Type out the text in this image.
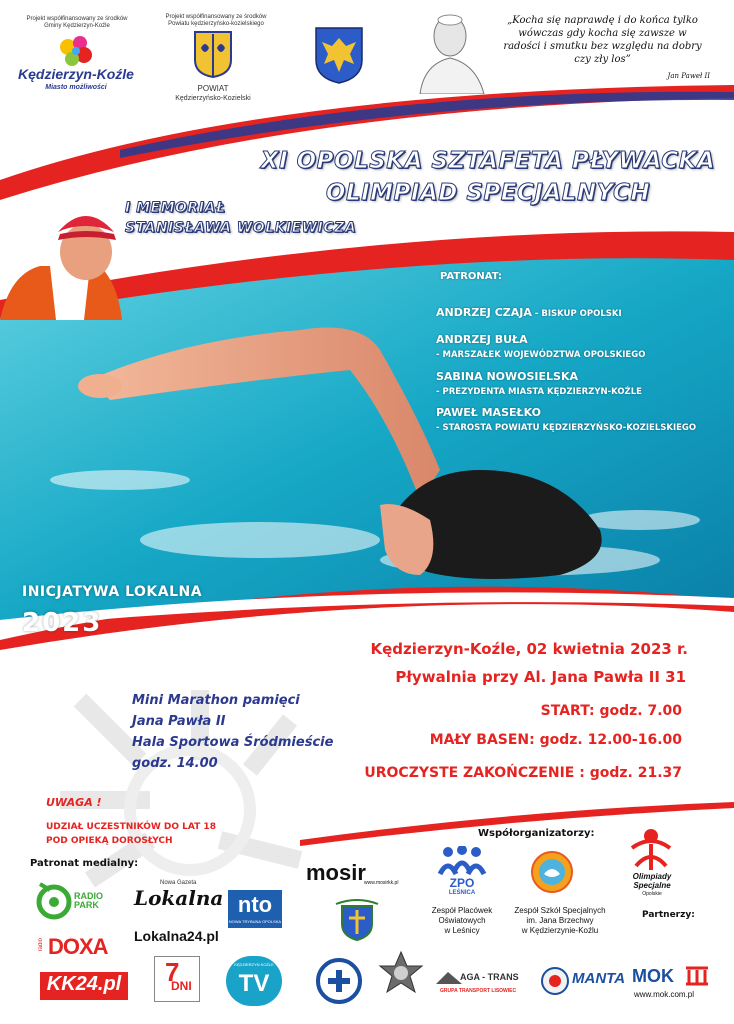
Projekt współfinansowany ze środków Gminy Kędzierzyn-Koźle
Kędzierzyn-Koźle
Miasto możliwości
Projekt współfinansowany ze środków Powiatu kędzierzyńsko-kozielskiego
POWIAT
Kędzierzyńsko-Kozielski
„Kocha się naprawdę i do końca tylko wówczas gdy kocha się zawsze w radości i smutku bez względu na dobry czy zły los”
Jan Paweł II
XI OPOLSKA SZTAFETA PŁYWACKA
OLIMPIAD SPECJALNYCH
I MEMORIAŁ
STANISŁAWA WOLKIEWICZA
PATRONAT:
ANDRZEJ CZAJA - BISKUP OPOLSKI
ANDRZEJ BUŁA
- MARSZAŁEK WOJEWÓDZTWA OPOLSKIEGO
SABINA NOWOSIELSKA
- PREZYDENTA MIASTA KĘDZIERZYN-KOŹLE
PAWEŁ MASEŁKO
- STAROSTA POWIATU KĘDZIERZYŃSKO-KOZIELSKIEGO
INICJATYWA LOKALNA
2023
Kędzierzyn-Koźle, 02 kwietnia 2023 r.
Pływalnia przy Al. Jana Pawła II 31
START: godz. 7.00
MAŁY BASEN: godz. 12.00-16.00
UROCZYSTE ZAKOŃCZENIE : godz. 21.37
Mini Marathon pamięci
Jana Pawła II
Hala Sportowa Śródmieście
godz. 14.00
UWAGA !
UDZIAŁ UCZESTNIKÓW DO LAT 18
POD OPIEKĄ DOROSŁYCH
Patronat medialny:
RADIO PARK
Nowa Gazeta
Lokalna nto
NOWA TRYBUNA OPOLSKA
radio DOXA Lokalna24.pl
KK24.pl 7
DNI
KĘDZIERZYN KOŹLE
TV
Współorganizatorzy:
mosir
www.mosirkk.pl	ZPO
LEŚNICA
Zespół Placówek
Oświatowych
w Leśnicy
Zespół Szkół Specjalnych
im. Jana Brzechwy
w Kędzierzynie-Koźlu
Olimpiady
Specjalne
Opolskie
Partnerzy:
AGA - TRANS
GRUPA TRANSPORT LISOWIEC
MANTA MOK
www.mok.com.pl
